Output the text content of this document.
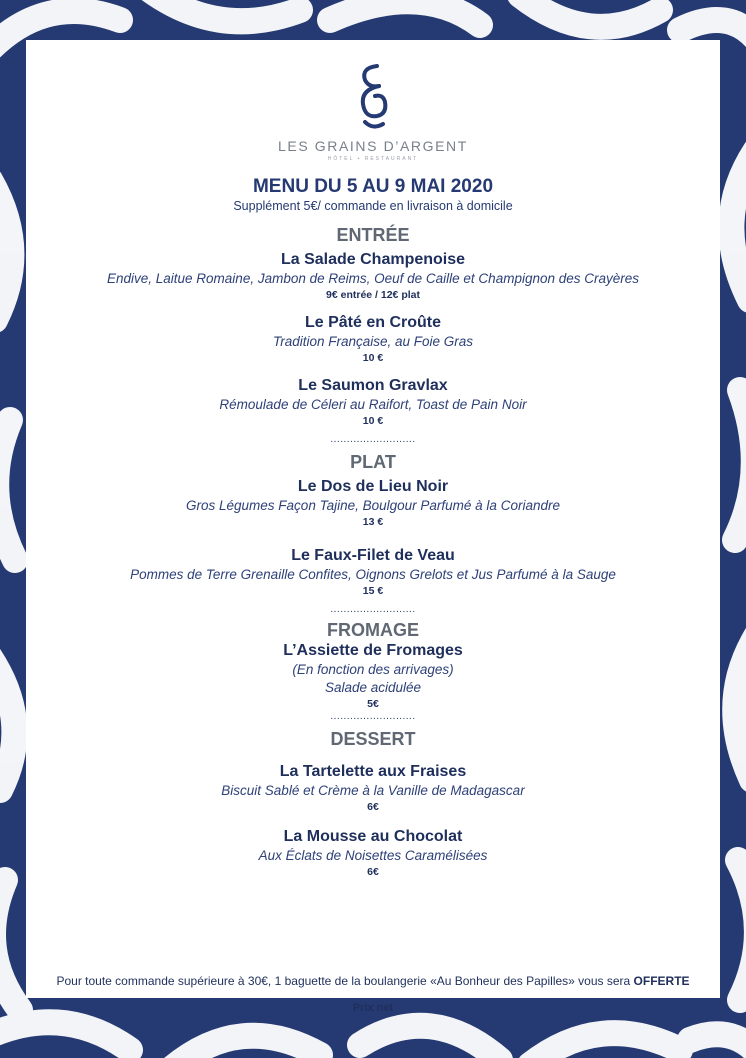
LES GRAINS D’ARGENT
HÔTEL • RESTAURANT
MENU DU 5 AU 9 MAI 2020
Supplément 5€/ commande en livraison à domicile
ENTRÉE
La Salade Champenoise
Endive, Laitue Romaine, Jambon de Reims, Oeuf de Caille et Champignon des Crayères
9€ entrée / 12€ plat
Le Pâté en Croûte
Tradition Française, au Foie Gras
10 €
Le Saumon Gravlax
Rémoulade de Céleri au Raifort, Toast de Pain Noir
10 €
..........................
PLAT
Le Dos de Lieu Noir
Gros Légumes Façon Tajine, Boulgour Parfumé à la Coriandre
13 €
Le Faux-Filet de Veau
Pommes de Terre Grenaille Confites, Oignons Grelots et Jus Parfumé à la Sauge
15 €
..........................
FROMAGE
L’Assiette de Fromages
(En fonction des arrivages)
Salade acidulée
5€
..........................
DESSERT
La Tartelette aux Fraises
Biscuit Sablé et Crème à la Vanille de Madagascar
6€
La Mousse au Chocolat
Aux Éclats de Noisettes Caramélisées
6€
Pour toute commande supérieure à 30€, 1 baguette de la boulangerie «Au Bonheur des Papilles» vous sera OFFERTE
Prix net
